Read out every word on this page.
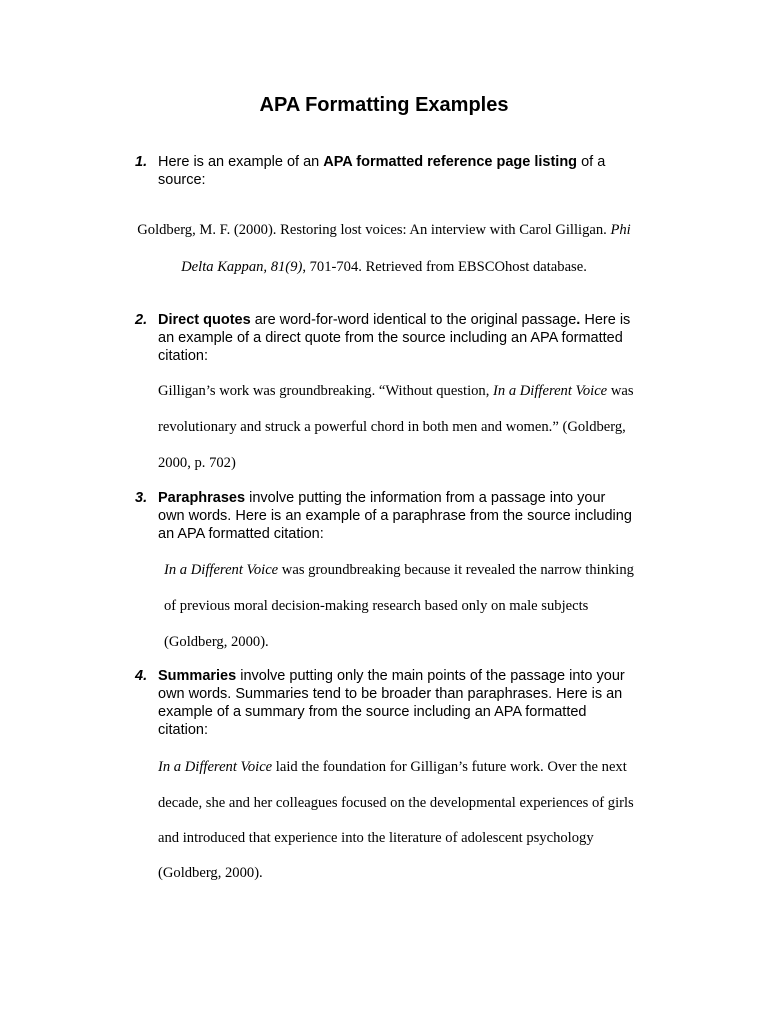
APA Formatting Examples
1. Here is an example of an APA formatted reference page listing of a source:
Goldberg, M. F. (2000). Restoring lost voices: An interview with Carol Gilligan. Phi
Delta Kappan, 81(9), 701-704. Retrieved from EBSCOhost database.
2. Direct quotes are word-for-word identical to the original passage. Here is an example of a direct quote from the source including an APA formatted citation:
Gilligan’s work was groundbreaking. “Without question, In a Different Voice was
revolutionary and struck a powerful chord in both men and women.” (Goldberg,
2000, p. 702)
3. Paraphrases involve putting the information from a passage into your own words. Here is an example of a paraphrase from the source including an APA formatted citation:
In a Different Voice was groundbreaking because it revealed the narrow thinking
of previous moral decision-making research based only on male subjects
(Goldberg, 2000).
4. Summaries involve putting only the main points of the passage into your own words. Summaries tend to be broader than paraphrases. Here is an example of a summary from the source including an APA formatted citation:
In a Different Voice laid the foundation for Gilligan’s future work. Over the next
decade, she and her colleagues focused on the developmental experiences of girls
and introduced that experience into the literature of adolescent psychology
(Goldberg, 2000).
